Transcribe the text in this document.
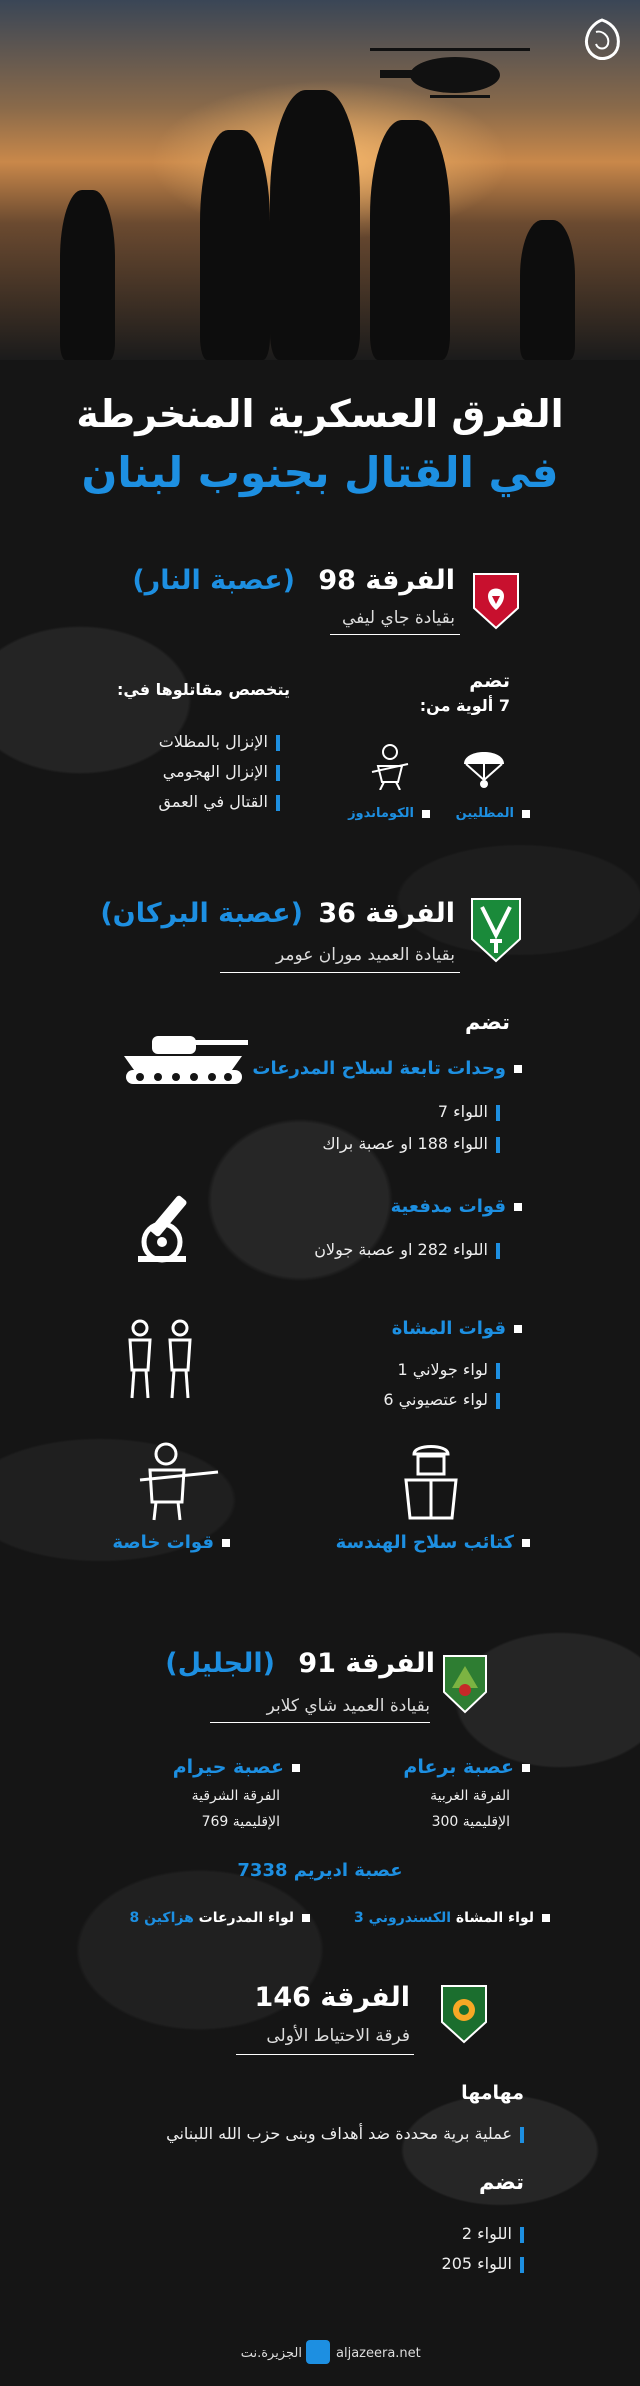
الفرق العسكرية المنخرطة
في القتال بجنوب لبنان
الفرقة 98 (عصبة النار)
بقيادة جاي ليفي
تضم
7 ألوية من:
يتخصص مقاتلوها في:
الإنزال بالمظلات
الإنزال الهجومي
القتال في العمق
المظليين
الكوماندوز
الفرقة 36 (عصبة البركان)
بقيادة العميد موران عومر
تضم
وحدات تابعة لسلاح المدرعات
اللواء 7
اللواء 188 او عصبة براك
قوات مدفعية
اللواء 282 او عصبة جولان
قوات المشاة
لواء جولاني 1
لواء عتصيوني 6
قوات خاصة	كتائب سلاح الهندسة
الفرقة 91 (الجليل)
بقيادة العميد شاي كلابر
عصبة برعام
الفرقة الغربية
الإقليمية 300
عصبة حيرام
الفرقة الشرقية
الإقليمية 769
عصبة اديريم 7338
لواء المشاة الكسندروني 3
لواء المدرعات هزاكين 8
الفرقة 146
فرقة الاحتياط الأولى
مهامها
عملية برية محددة ضد أهداف وبنى حزب الله اللبناني
تضم
اللواء 2
اللواء 205
aljazeera.net
الجزيرة.نت
